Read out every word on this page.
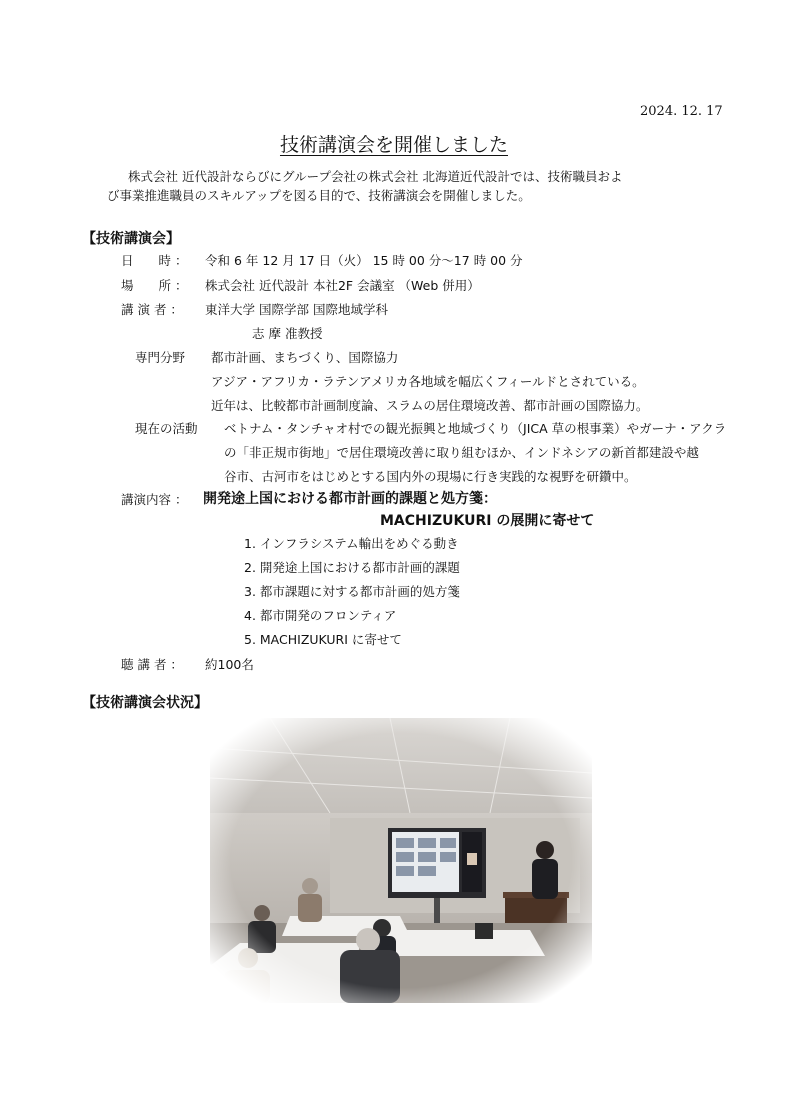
2024. 12. 17
技術講演会を開催しました
株式会社 近代設計ならびにグループ会社の株式会社 北海道近代設計では、技術職員およ
び事業推進職員のスキルアップを図る目的で、技術講演会を開催しました。
【技術講演会】
日　　時 ： 令和 6 年 12 月 17 日（火） 15 時 00 分～17 時 00 分
場　　所 ： 株式会社 近代設計 本社2F 会議室 （Web 併用）
講 演 者 ： 東洋大学 国際学部 国際地域学科
志 摩 准教授
専門分野 都市計画、まちづくり、国際協力
アジア・アフリカ・ラテンアメリカ各地域を幅広くフィールドとされている。
近年は、比較都市計画制度論、スラムの居住環境改善、都市計画の国際協力。
現在の活動 ベトナム・タンチャオ村での観光振興と地域づくり（JICA 草の根事業）やガーナ・アクラ
の「非正規市街地」で居住環境改善に取り組むほか、インドネシアの新首都建設や越
谷市、古河市をはじめとする国内外の現場に行き実践的な視野を研鑽中。
講演内容 ： 開発途上国における都市計画的課題と処方箋：
MACHIZUKURI の展開に寄せて
1. インフラシステム輸出をめぐる動き
2. 開発途上国における都市計画的課題
3. 都市課題に対する都市計画的処方箋
4. 都市開発のフロンティア
5. MACHIZUKURI に寄せて
聴 講 者 ： 約100名
【技術講演会状況】
